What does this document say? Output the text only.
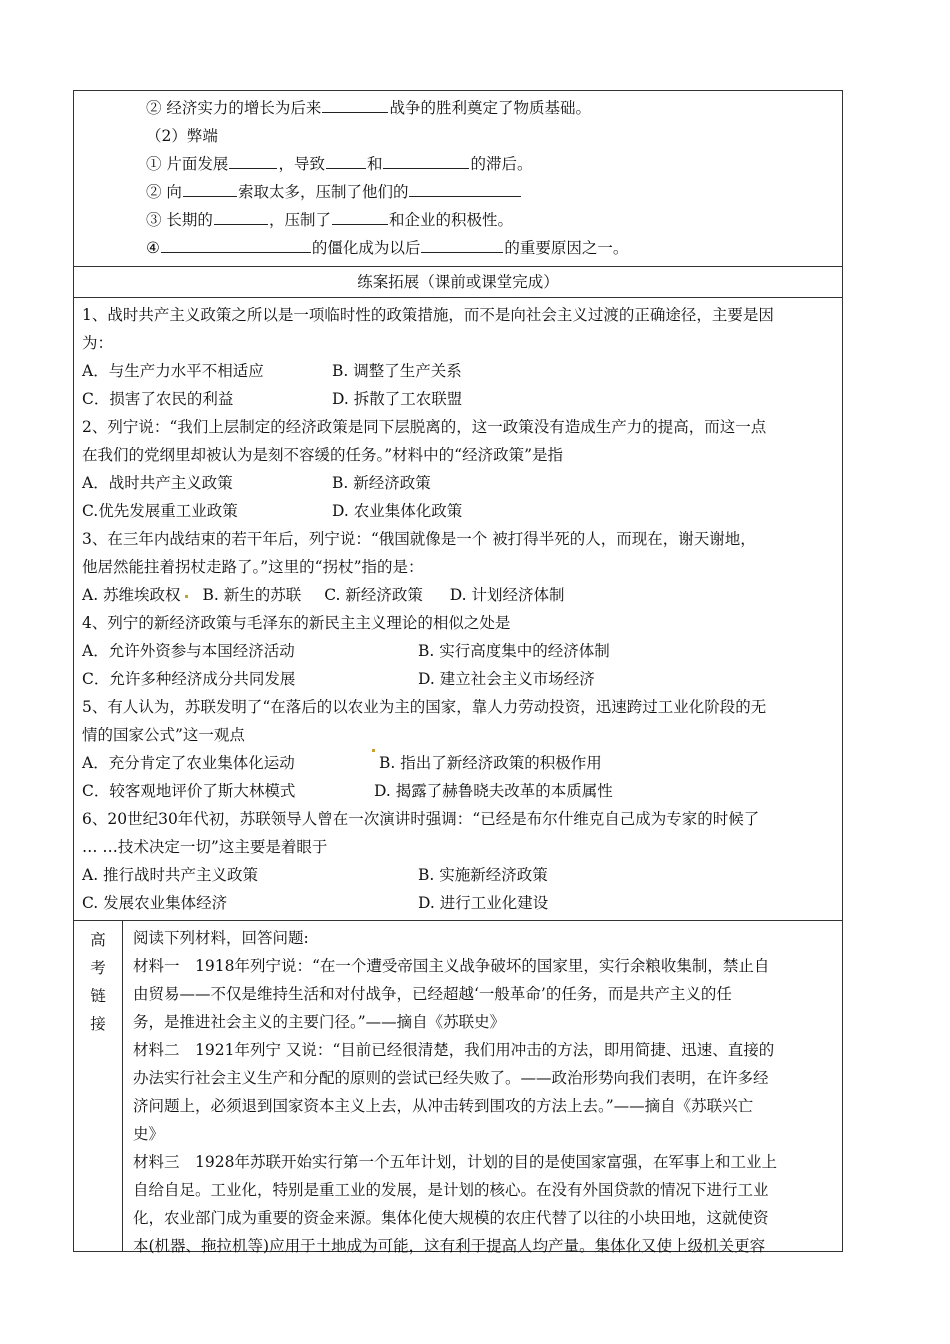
② 经济实力的增长为后来	战争的胜利奠定了物质基础。
（2）弊端
① 片面发展	，导致	和	的滞后。
② 向	索取太多，压制了他们的
③ 长期的	，压制了	和企业的积极性。
④	的僵化成为以后	的重要原因之一。
练案拓展（课前或课堂完成）
1、战时共产主义政策之所以是一项临时性的政策措施，而不是向社会主义过渡的正确途径，主要是因
为：
A．与生产力水平不相适应	B. 调整了生产关系
C．损害了农民的利益	D. 拆散了工农联盟
2、列宁说：“我们上层制定的经济政策是同下层脱离的，这一政策没有造成生产力的提高，而这一点
在我们的党纲里却被认为是刻不容缓的任务。”材料中的“经济政策”是指
A．战时共产主义政策	B. 新经济政策
C.优先发展重工业政策	D. 农业集体化政策
3、在三年内战结束的若干年后，列宁说：“俄国就像是一个 被打得半死的人，而现在，谢天谢地，
他居然能拄着拐杖走路了。”这里的“拐杖”指的是：
A. 苏维埃政权 B. 新生的苏联 C. 新经济政策 D. 计划经济体制
4、列宁的新经济政策与毛泽东的新民主主义理论的相似之处是
A．允许外资参与本国经济活动	B. 实行高度集中的经济体制
C．允许多种经济成分共同发展	D. 建立社会主义市场经济
5、有人认为，苏联发明了“在落后的以农业为主的国家，靠人力劳动投资，迅速跨过工业化阶段的无
情的国家公式”这一观点
A．充分肯定了农业集体化运动	B. 指出了新经济政策的积极作用
C．较客观地评价了斯大林模式	D. 揭露了赫鲁晓夫改革的本质属性
6、20世纪30年代初，苏联领导人曾在一次演讲时强调：“已经是布尔什维克自己成为专家的时候了
… …技术决定一切”这主要是着眼于
A. 推行战时共产主义政策	B. 实施新经济政策
C. 发展农业集体经济	D. 进行工业化建设
高
考
链
接
阅读下列材料，回答问题:
材料一　1918年列宁说：“在一个遭受帝国主义战争破坏的国家里，实行余粮收集制，禁止自
由贸易——不仅是维持生活和对付战争，已经超越‘一般革命’的任务，而是共产主义的任
务，是推进社会主义的主要门径。”——摘自《苏联史》
材料二　1921年列宁 又说：“目前已经很清楚，我们用冲击的方法，即用简捷、迅速、直接的
办法实行社会主义生产和分配的原则的尝试已经失败了。——政治形势向我们表明，在许多经
济问题上，必须退到国家资本主义上去，从冲击转到围攻的方法上去。”——摘自《苏联兴亡
史》
材料三　1928年苏联开始实行第一个五年计划，计划的目的是使国家富强，在军事上和工业上
自给自足。工业化，特别是重工业的发展，是计划的核心。在没有外国贷款的情况下进行工业
化，农业部门成为重要的资金来源。集体化使大规模的农庄代替了以往的小块田地，这就使资
本(机器、拖拉机等)应用于土地成为可能，这有利于提高人均产量。集体化又使上级机关更容
